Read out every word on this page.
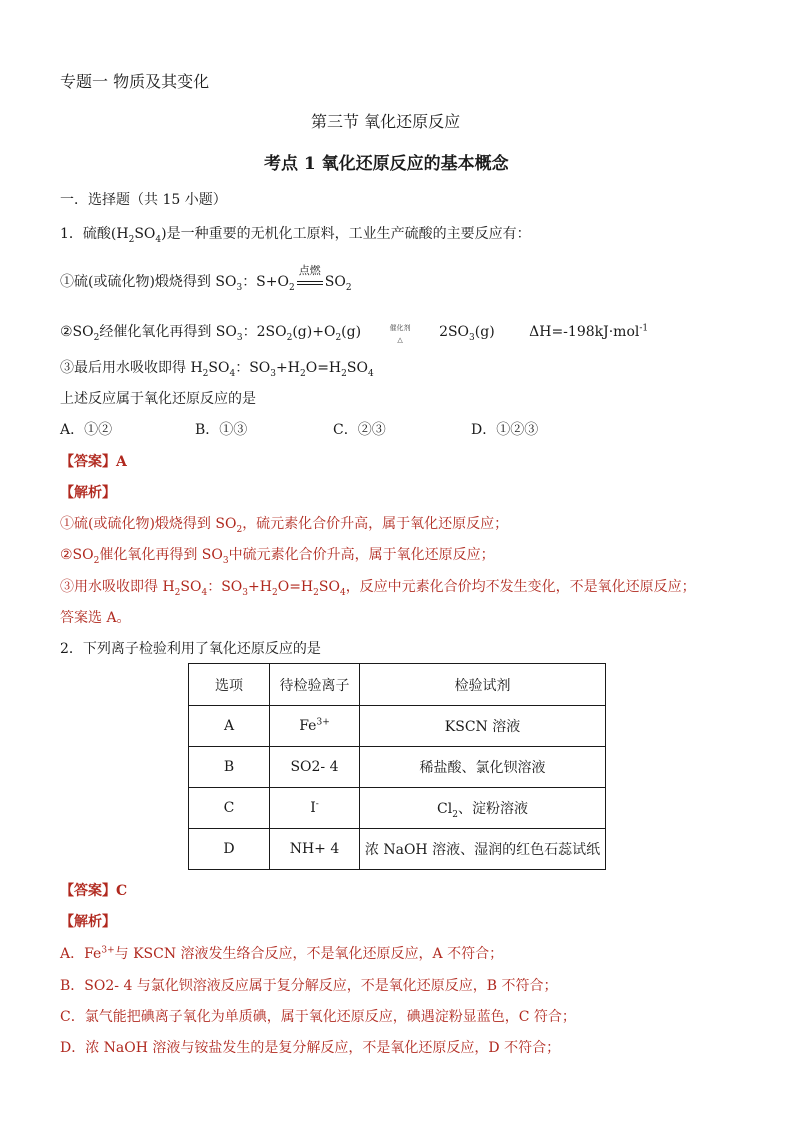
专题一 物质及其变化
第三节 氧化还原反应
考点 1 氧化还原反应的基本概念
一．选择题（共 15 小题）
1．硫酸$(H_2SO_4)$是一种重要的无机化工原料，工业生产硫酸的主要反应有：
①硫(或硫化物)煅烧得到 $SO_3$：$S+O_2$
点燃
$SO_2$
$②SO_2$经催化氧化再得到 $SO_3$：$2SO_2(g)+O_2(g)$	催化剂
△	$2SO_3(g)$ ΔH=-198kJ·mol$^{-1}$
③最后用水吸收即得 $H_2SO_4$：$SO_3+H_2O=H_2SO_4$
上述反应属于氧化还原反应的是
A．①②	B．①③	C．②③	D．①②③
【答案】A
【解析】
①硫(或硫化物)煅烧得到 $SO_2$，硫元素化合价升高，属于氧化还原反应；
$②SO_2$催化氧化再得到 $SO_3$中硫元素化合价升高，属于氧化还原反应；
③用水吸收即得 $H_2SO_4$：$SO_3+H_2O=H_2SO_4$，反应中元素化合价均不发生变化，不是氧化还原反应；
答案选 A。
2．下列离子检验利用了氧化还原反应的是
选项	待检验离子	检验试剂
A	$Fe^{3+}$	KSCN 溶液
B	SO2- 4	稀盐酸、氯化钡溶液
C	I-	$Cl_2$、淀粉溶液
D	NH+ 4	浓 NaOH 溶液、湿润的红色石蕊试纸
【答案】C
【解析】
A．$Fe^{3+}$与 KSCN 溶液发生络合反应，不是氧化还原反应，A 不符合；
B．SO2- 4 与氯化钡溶液反应属于复分解反应，不是氧化还原反应，B 不符合；
C．氯气能把碘离子氧化为单质碘，属于氧化还原反应，碘遇淀粉显蓝色，C 符合；
D．浓 NaOH 溶液与铵盐发生的是复分解反应，不是氧化还原反应，D 不符合；
